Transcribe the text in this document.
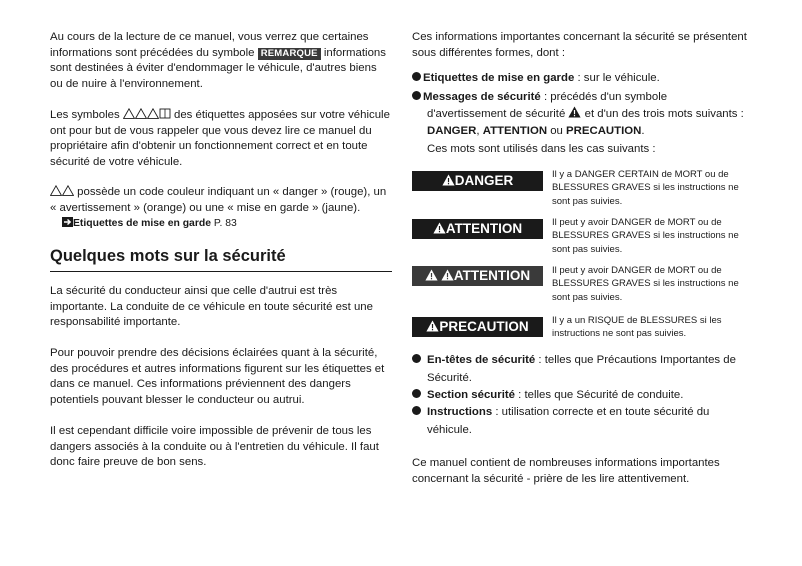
Au cours de la lecture de ce manuel, vous verrez que certaines informations sont précédées du symbole REMARQUE informations sont destinées à éviter d'endommager le véhicule, d'autres biens ou de nuire à l'environnement.
Les symboles	des étiquettes apposées sur votre véhicule ont pour but de vous rappeler que vous devez lire ce manuel du propriétaire afin d'obtenir un fonctionnement correct et en toute sécurité de votre véhicule.
possède un code couleur indiquant un « danger » (rouge), un « avertissement » (orange) ou une « mise en garde » (jaune).
Etiquettes de mise en garde P. 83
Quelques mots sur la sécurité
La sécurité du conducteur ainsi que celle d'autrui est très importante. La conduite de ce véhicule en toute sécurité est une responsabilité importante.
Pour pouvoir prendre des décisions éclairées quant à la sécurité, des procédures et autres informations figurent sur les étiquettes et dans ce manuel. Ces informations préviennent des dangers potentiels pouvant blesser le conducteur ou autrui.
Il est cependant difficile voire impossible de prévenir de tous les dangers associés à la conduite ou à l'entretien du véhicule. Il faut donc faire preuve de bon sens.
Ces informations importantes concernant la sécurité se présentent sous différentes formes, dont :
Etiquettes de mise en garde : sur le véhicule.
Messages de sécurité : précédés d'un symbole
d'avertissement de sécurité  et d'un des trois mots suivants :
DANGER, ATTENTION ou PRECAUTION.
Ces mots sont utilisés dans les cas suivants :
DANGER	Il y a DANGER CERTAIN de MORT ou de BLESSURES GRAVES si les instructions ne sont pas suivies.
ATTENTION	Il peut y avoir DANGER de MORT ou de BLESSURES GRAVES si les instructions ne sont pas suivies.
ATTENTION	Il peut y avoir DANGER de MORT ou de BLESSURES GRAVES si les instructions ne sont pas suivies.
PRECAUTION	Il y a un RISQUE de BLESSURES si les instructions ne sont pas suivies.
En-têtes de sécurité : telles que Précautions Importantes de Sécurité.
Section sécurité : telles que Sécurité de conduite.
Instructions : utilisation correcte et en toute sécurité du véhicule.
Ce manuel contient de nombreuses informations importantes concernant la sécurité - prière de les lire attentivement.
